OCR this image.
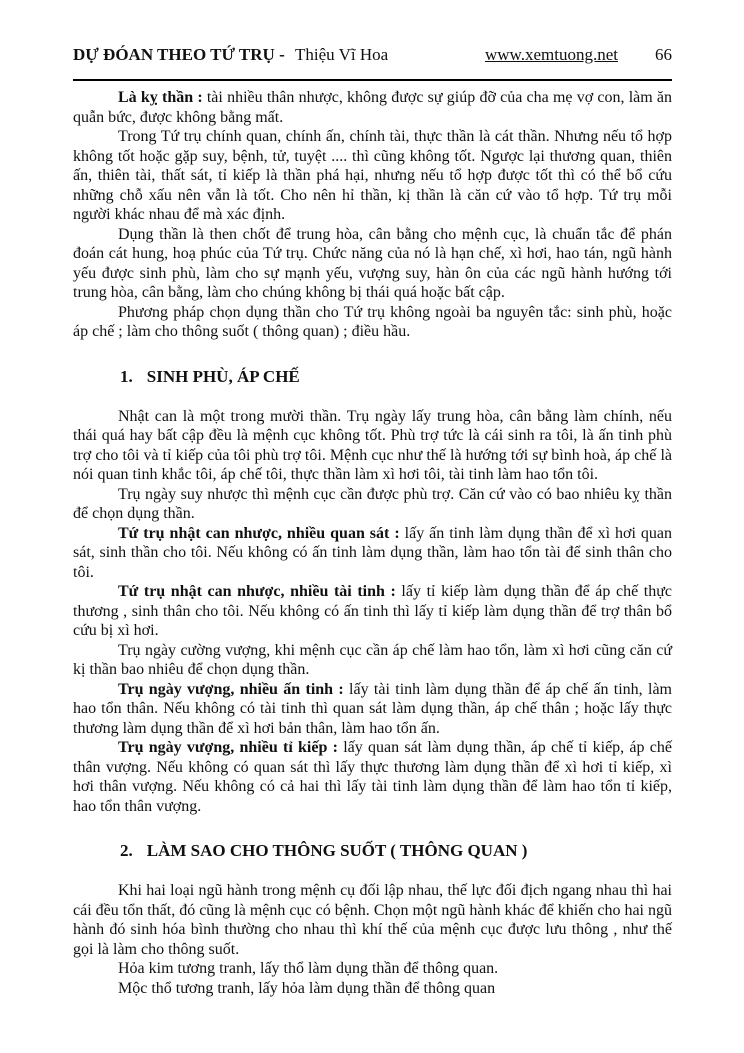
DỰ ĐÓAN THEO TỨ TRỤ - Thiệu Vĩ Hoa	www.xemtuong.net 66

Là kỵ thần : tài nhiều thân nhược, không được sự giúp đỡ của cha mẹ vợ con, làm ăn quẫn bức, được không bằng mất.

Trong Tứ trụ chính quan, chính ấn, chính tài, thực thần là cát thần. Nhưng nếu tổ hợp không tốt hoặc gặp suy, bệnh, tử, tuyệt .... thì cũng không tốt. Ngược lại thương quan, thiên ấn, thiên tài, thất sát, tỉ kiếp là thần phá hại, nhưng nếu tổ hợp được tốt thì có thể bổ cứu những chỗ xấu nên vẫn là tốt. Cho nên hỉ thần, kị thần là căn cứ vào tổ hợp. Tứ trụ mỗi người khác nhau để mà xác định.

Dụng thần là then chốt để trung hòa, cân bằng cho mệnh cục, là chuẩn tắc để phán đoán cát hung, hoạ phúc của Tứ trụ. Chức năng của nó là hạn chế, xì hơi, hao tán, ngũ hành yếu được sinh phù, làm cho sự mạnh yếu, vượng suy, hàn ôn của các ngũ hành hướng tới trung hòa, cân bằng, làm cho chúng không bị thái quá hoặc bất cập.

Phương pháp chọn dụng thần cho Tứ trụ không ngoài ba nguyên tắc: sinh phù, hoặc áp chế ; làm cho thông suốt ( thông quan) ; điều hầu.

1. SINH PHÙ, ÁP CHẾ

Nhật can là một trong mười thần. Trụ ngày lấy trung hòa, cân bằng làm chính, nếu thái quá hay bất cập đều là mệnh cục không tốt. Phù trợ tức là cái sinh ra tôi, là ấn tinh phù trợ cho tôi và tỉ kiếp của tôi phù trợ tôi. Mệnh cục như thế là hướng tới sự bình hoà, áp chế là nói quan tinh khắc tôi, áp chế tôi, thực thần làm xì hơi tôi, tài tinh làm hao tổn tôi.

Trụ ngày suy nhược thì mệnh cục cần được phù trợ. Căn cứ vào có bao nhiêu kỵ thần để chọn dụng thần.

Tứ trụ nhật can nhược, nhiều quan sát : lấy ấn tinh làm dụng thần để xì hơi quan sát, sinh thần cho tôi. Nếu không có ấn tinh làm dụng thần, làm hao tổn tài để sinh thân cho tôi.

Tứ trụ nhật can nhược, nhiều tài tinh : lấy tỉ kiếp làm dụng thần để áp chế thực thương , sinh thân cho tôi. Nếu không có ấn tinh thì lấy tỉ kiếp làm dụng thần để trợ thân bổ cứu bị xì hơi.

Trụ ngày cường vượng, khi mệnh cục cần áp chế làm hao tổn, làm xì hơi cũng căn cứ kị thần bao nhiêu để chọn dụng thần.

Trụ ngày vượng, nhiều ấn tinh : lấy tài tinh làm dụng thần để áp chế ấn tinh, làm hao tổn thân. Nếu không có tài tinh thì quan sát làm dụng thần, áp chế thân ; hoặc lấy thực thương làm dụng thần để xì hơi bản thân, làm hao tổn ấn.

Trụ ngày vượng, nhiều tỉ kiếp : lấy quan sát làm dụng thần, áp chế tỉ kiếp, áp chế thân vượng. Nếu không có quan sát thì lấy thực thương làm dụng thần để xì hơi tỉ kiếp, xì hơi thân vượng. Nếu không có cả hai thì lấy tài tinh làm dụng thần để làm hao tổn tỉ kiếp, hao tổn thân vượng.

2. LÀM SAO CHO THÔNG SUỐT ( THÔNG QUAN )

Khi hai loại ngũ hành trong mệnh cụ đối lập nhau, thế lực đối địch ngang nhau thì hai cái đều tổn thất, đó cũng là mệnh cục có bệnh. Chọn một ngũ hành khác để khiến cho hai ngũ hành đó sinh hóa bình thường cho nhau thì khí thế của mệnh cục được lưu thông , như thế gọi là làm cho thông suốt.

Hỏa kim tương tranh, lấy thổ làm dụng thần để thông quan.

Mộc thổ tương tranh, lấy hỏa làm dụng thần để thông quan
